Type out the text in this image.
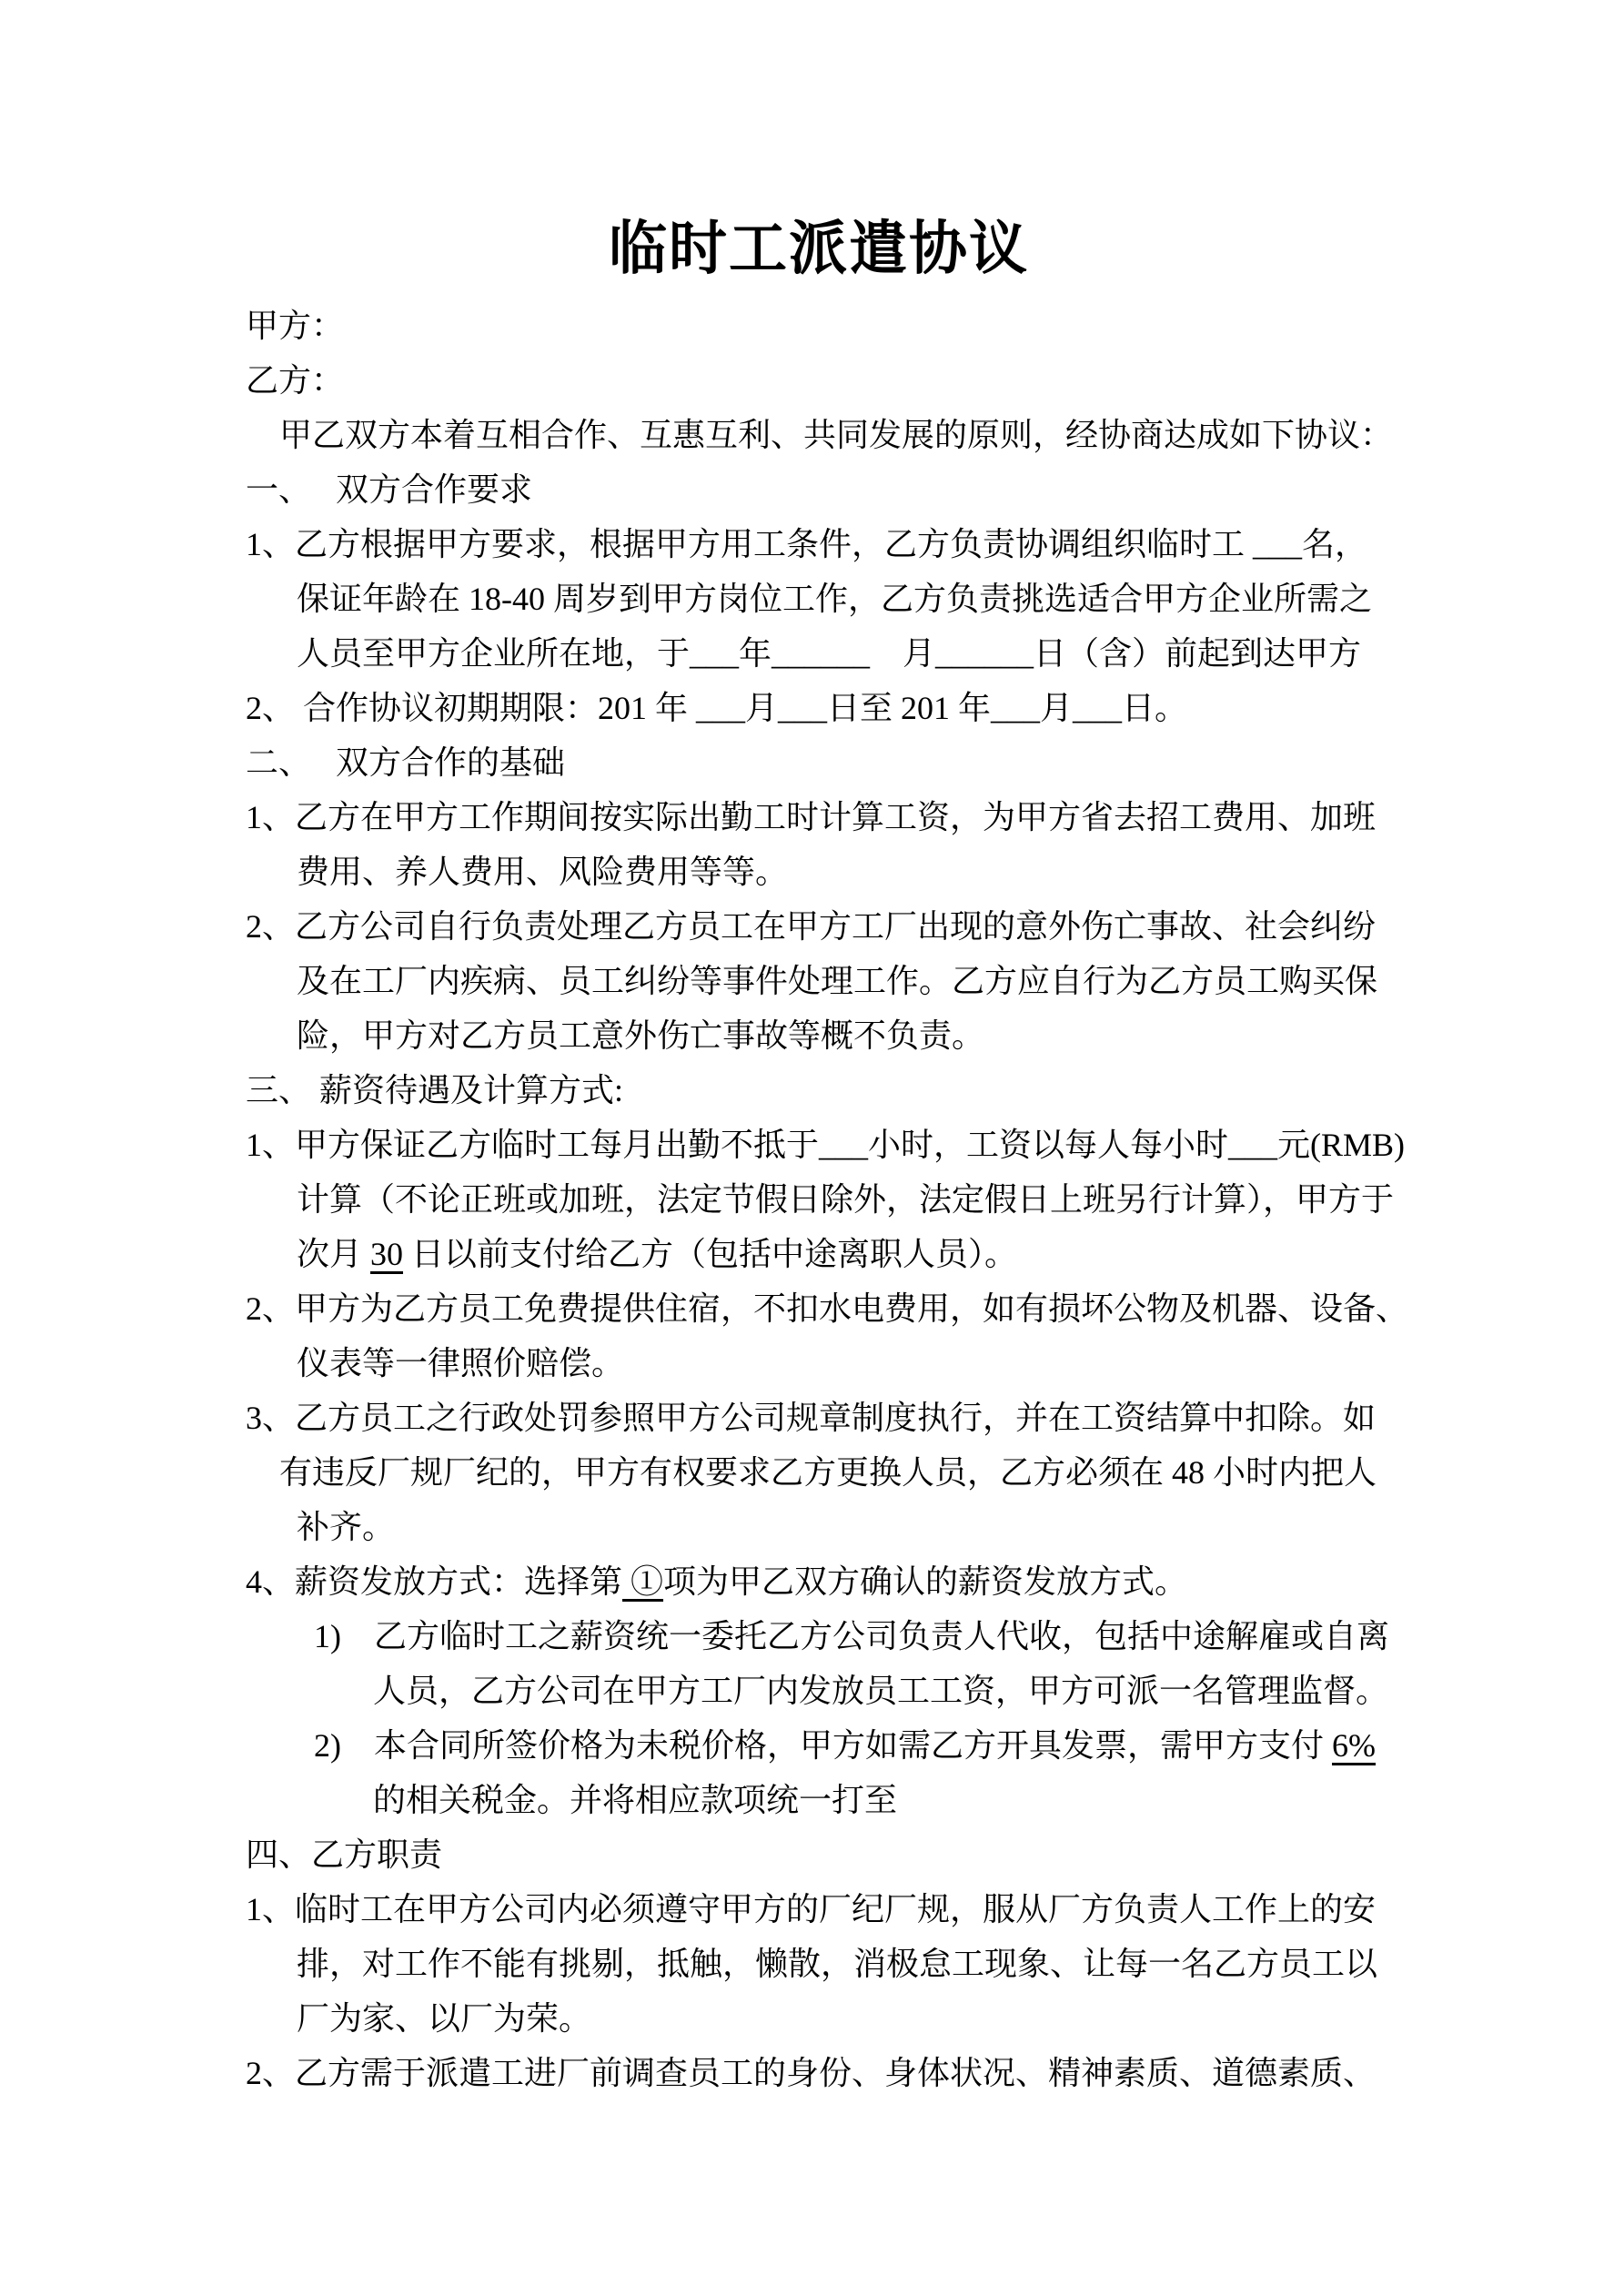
临时工派遣协议
甲方：
乙方：
甲乙双方本着互相合作、互惠互利、共同发展的原则，经协商达成如下协议：
一、　 双方合作要求
1、乙方根据甲方要求，根据甲方用工条件，乙方负责协调组织临时工 ___名，
保证年龄在 18-40 周岁到甲方岗位工作，乙方负责挑选适合甲方企业所需之
人员至甲方企业所在地，于___年______　月______日（含）前起到达甲方
2、 合作协议初期期限：201 年 ___月___日至 201 年___月___日。
二、　 双方合作的基础
1、乙方在甲方工作期间按实际出勤工时计算工资，为甲方省去招工费用、加班
费用、养人费用、风险费用等等。
2、乙方公司自行负责处理乙方员工在甲方工厂出现的意外伤亡事故、社会纠纷
及在工厂内疾病、员工纠纷等事件处理工作。乙方应自行为乙方员工购买保
险，甲方对乙方员工意外伤亡事故等概不负责。
三、 薪资待遇及计算方式:
1、甲方保证乙方临时工每月出勤不抵于___小时，工资以每人每小时___元(RMB)
计算（不论正班或加班，法定节假日除外，法定假日上班另行计算），甲方于
次月 30 日以前支付给乙方（包括中途离职人员）。
2、甲方为乙方员工免费提供住宿，不扣水电费用，如有损坏公物及机器、设备、
仪表等一律照价赔偿。
3、乙方员工之行政处罚参照甲方公司规章制度执行，并在工资结算中扣除。如
有违反厂规厂纪的，甲方有权要求乙方更换人员，乙方必须在 48 小时内把人
补齐。
4、薪资发放方式：选择第 ①项为甲乙双方确认的薪资发放方式。
1)　乙方临时工之薪资统一委托乙方公司负责人代收，包括中途解雇或自离
人员，乙方公司在甲方工厂内发放员工工资，甲方可派一名管理监督。
2)　本合同所签价格为未税价格，甲方如需乙方开具发票，需甲方支付 6%
的相关税金。并将相应款项统一打至
四、乙方职责
1、临时工在甲方公司内必须遵守甲方的厂纪厂规，服从厂方负责人工作上的安
排，对工作不能有挑剔，抵触，懒散，消极怠工现象、让每一名乙方员工以
厂为家、以厂为荣。
2、乙方需于派遣工进厂前调查员工的身份、身体状况、精神素质、道德素质、
